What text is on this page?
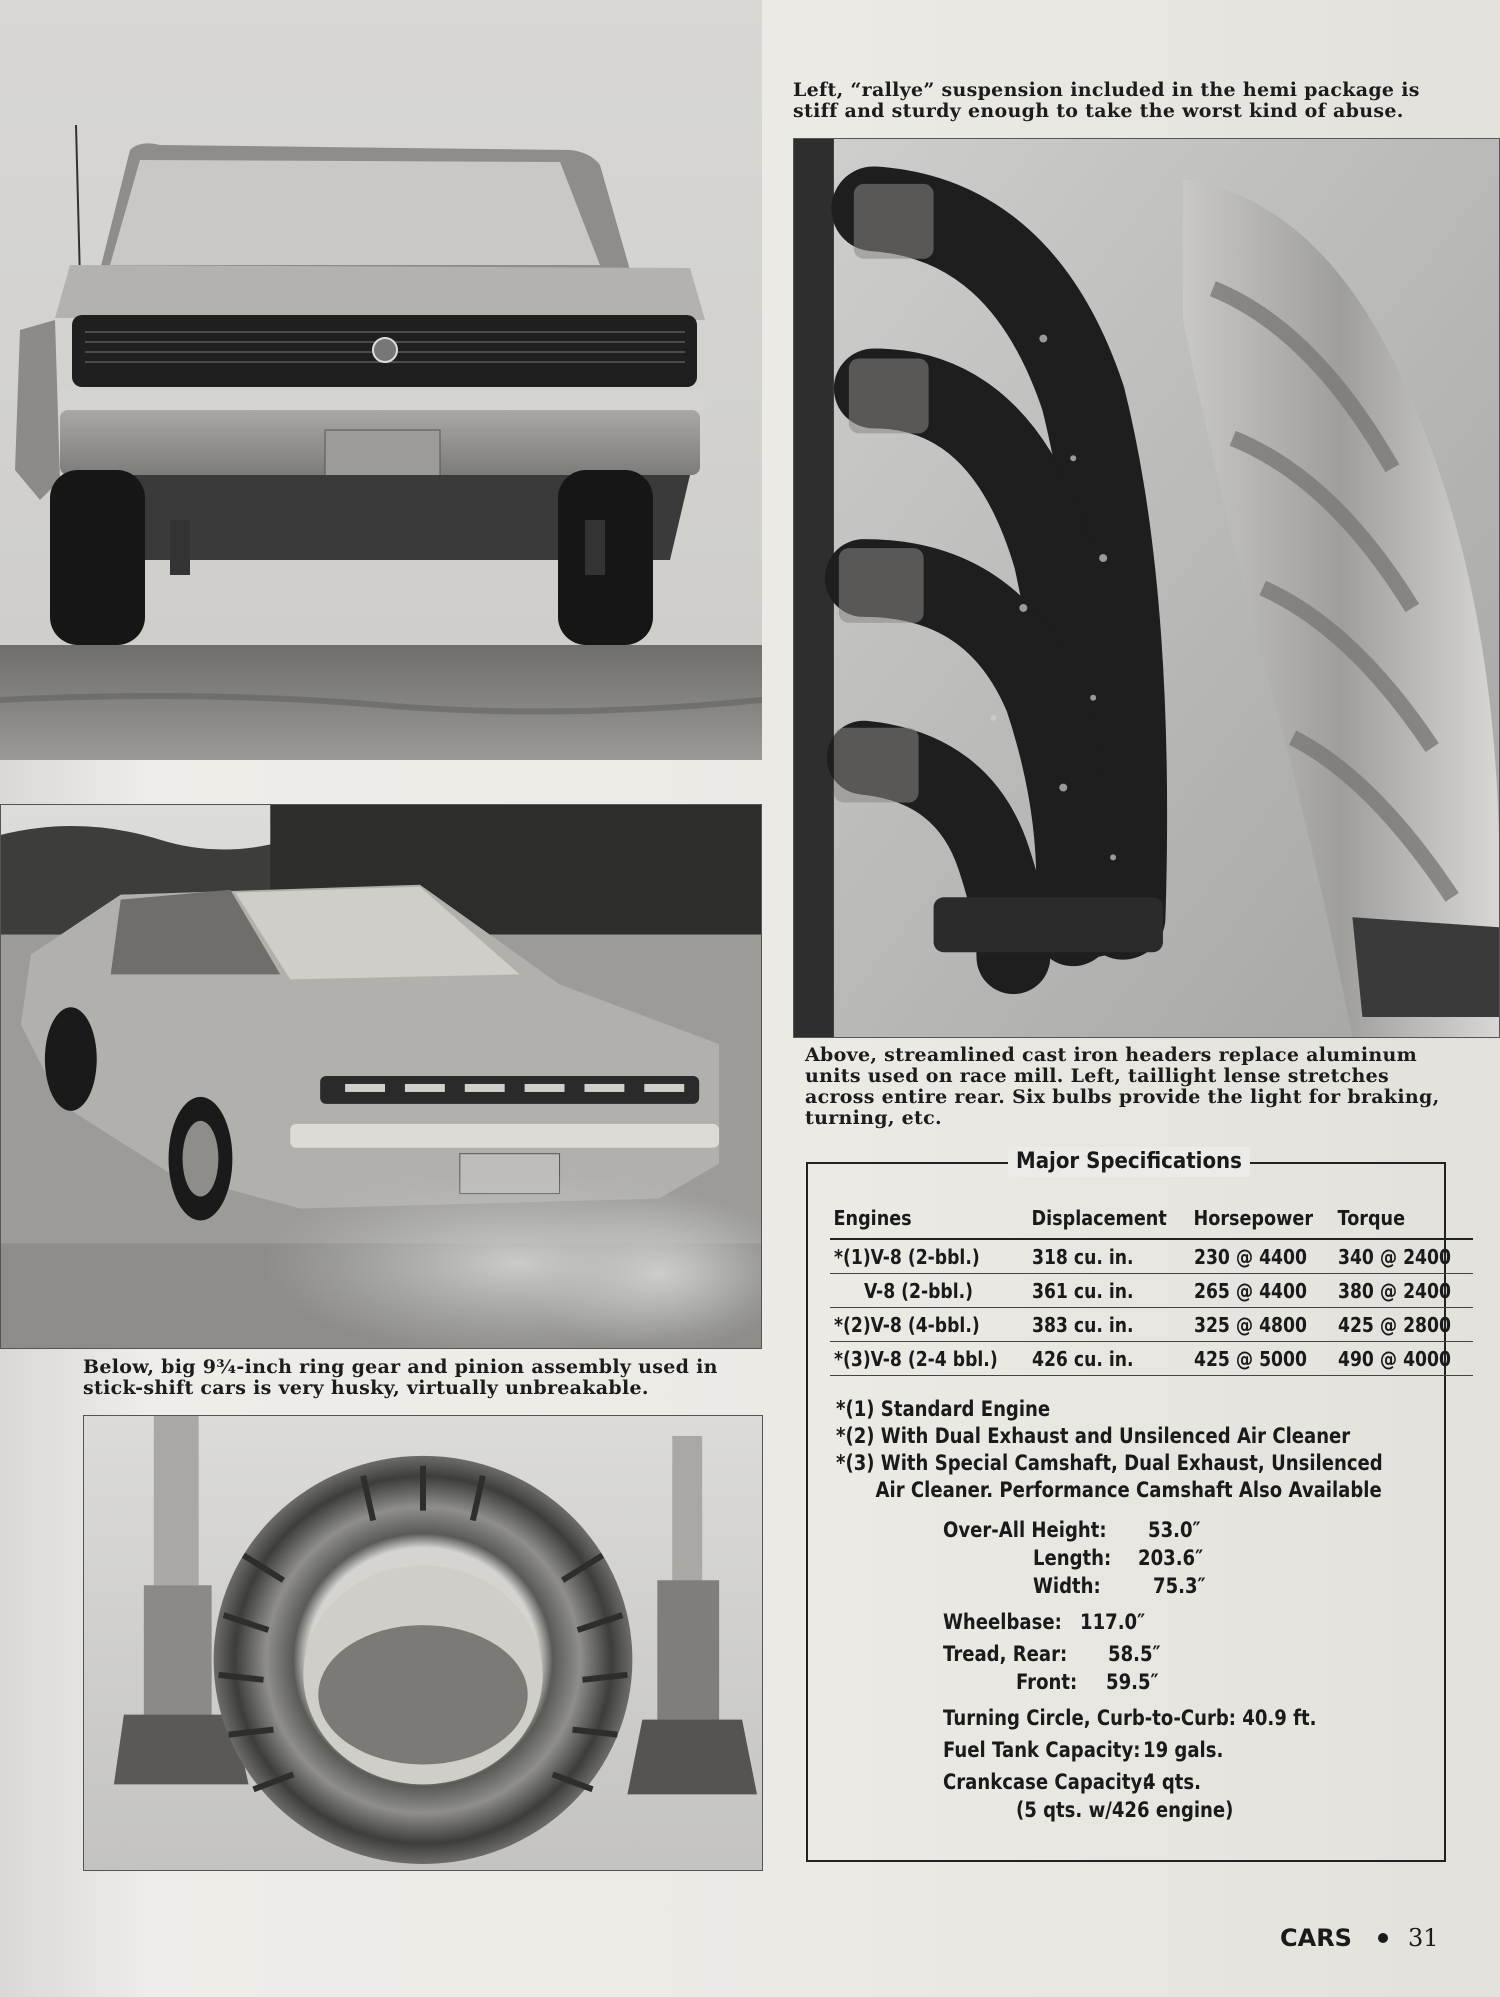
Left, “rallye” suspension included in the hemi package is stiff and sturdy enough to take the worst kind of abuse.

Above, streamlined cast iron headers replace aluminum units used on race mill. Left, taillight lense stretches across entire rear. Six bulbs provide the light for braking, turning, etc.

Below, big 9¾-inch ring gear and pinion assembly used in stick-shift cars is very husky, virtually unbreakable.

Major Specifications
Engines	Displacement	Horsepower	Torque
*(1)V-8 (2-bbl.)	318 cu. in.	230 @ 4400	340 @ 2400
V-8 (2-bbl.)	361 cu. in.	265 @ 4400	380 @ 2400
*(2)V-8 (4-bbl.)	383 cu. in.	325 @ 4800	425 @ 2800
*(3)V-8 (2-4 bbl.)	426 cu. in.	425 @ 5000	490 @ 4000
*(1) Standard Engine
*(2) With Dual Exhaust and Unsilenced Air Cleaner
*(3) With Special Camshaft, Dual Exhaust, Unsilenced
Air Cleaner. Performance Camshaft Also Available
Over-All Height: 53.0″
Length: 203.6″
Width: 75.3″
Wheelbase: 117.0″
Tread, Rear: 58.5″
Front: 59.5″
Turning Circle, Curb-to-Curb: 40.9 ft.
Fuel Tank Capacity: 19 gals.
Crankcase Capacity:
4 qts.
(5 qts. w/426 engine)
CARS 31
